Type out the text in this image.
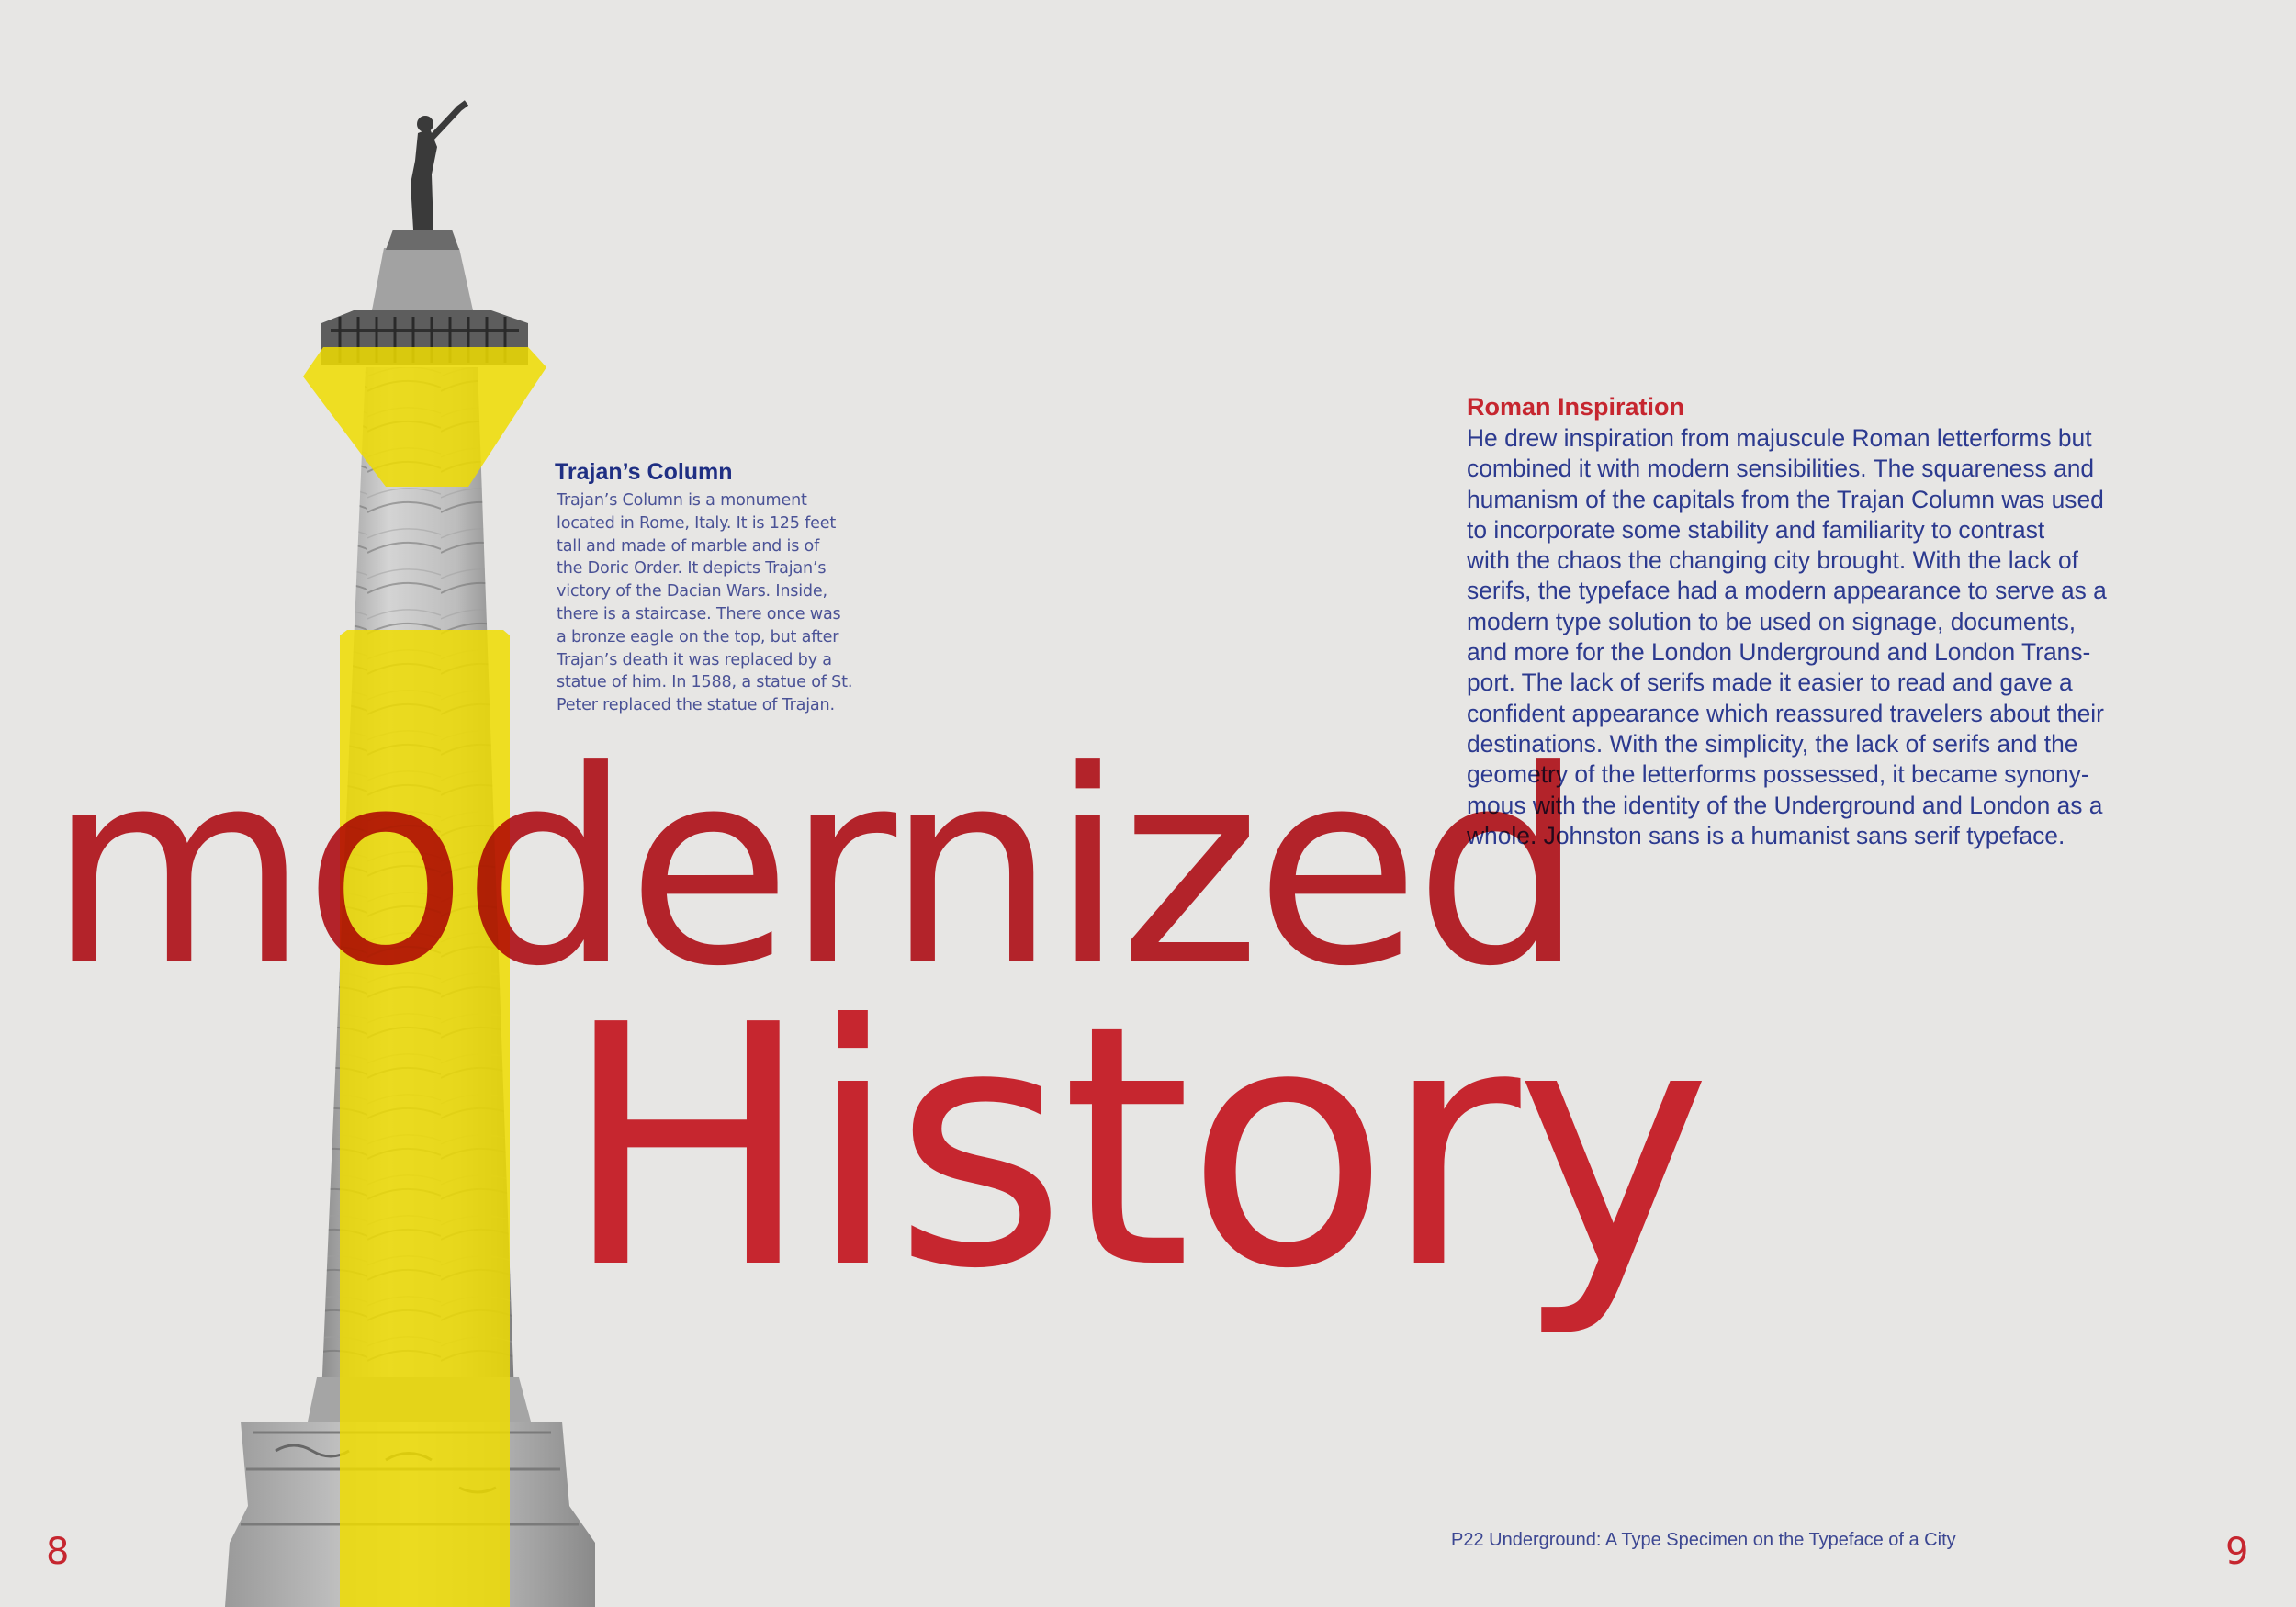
Trajan’s Column
Trajan’s Column is a monument
located in Rome, Italy. It is 125 feet
tall and made of marble and is of
the Doric Order. It depicts Trajan’s
victory of the Dacian Wars. Inside,
there is a staircase. There once was
a bronze eagle on the top, but after
Trajan’s death it was replaced by a
statue of him. In 1588, a statue of St.
Peter replaced the statue of Trajan.
Roman Inspiration
He drew inspiration from majuscule Roman letterforms but
combined it with modern sensibilities. The squareness and
humanism of the capitals from the Trajan Column was used
to incorporate some stability and familiarity to contrast
with the chaos the changing city brought. With the lack of
serifs, the typeface had a modern appearance to serve as a
modern type solution to be used on signage, documents,
and more for the London Underground and London Trans-
port. The lack of serifs made it easier to read and gave a
confident appearance which reassured travelers about their
destinations. With the simplicity, the lack of serifs and the
geometry of the letterforms possessed, it became synony-
mous with the identity of the Underground and London as a
whole. Johnston sans is a humanist sans serif typeface.
modernized
History
8	P22 Underground: A Type Specimen on the Typeface of a City	9
